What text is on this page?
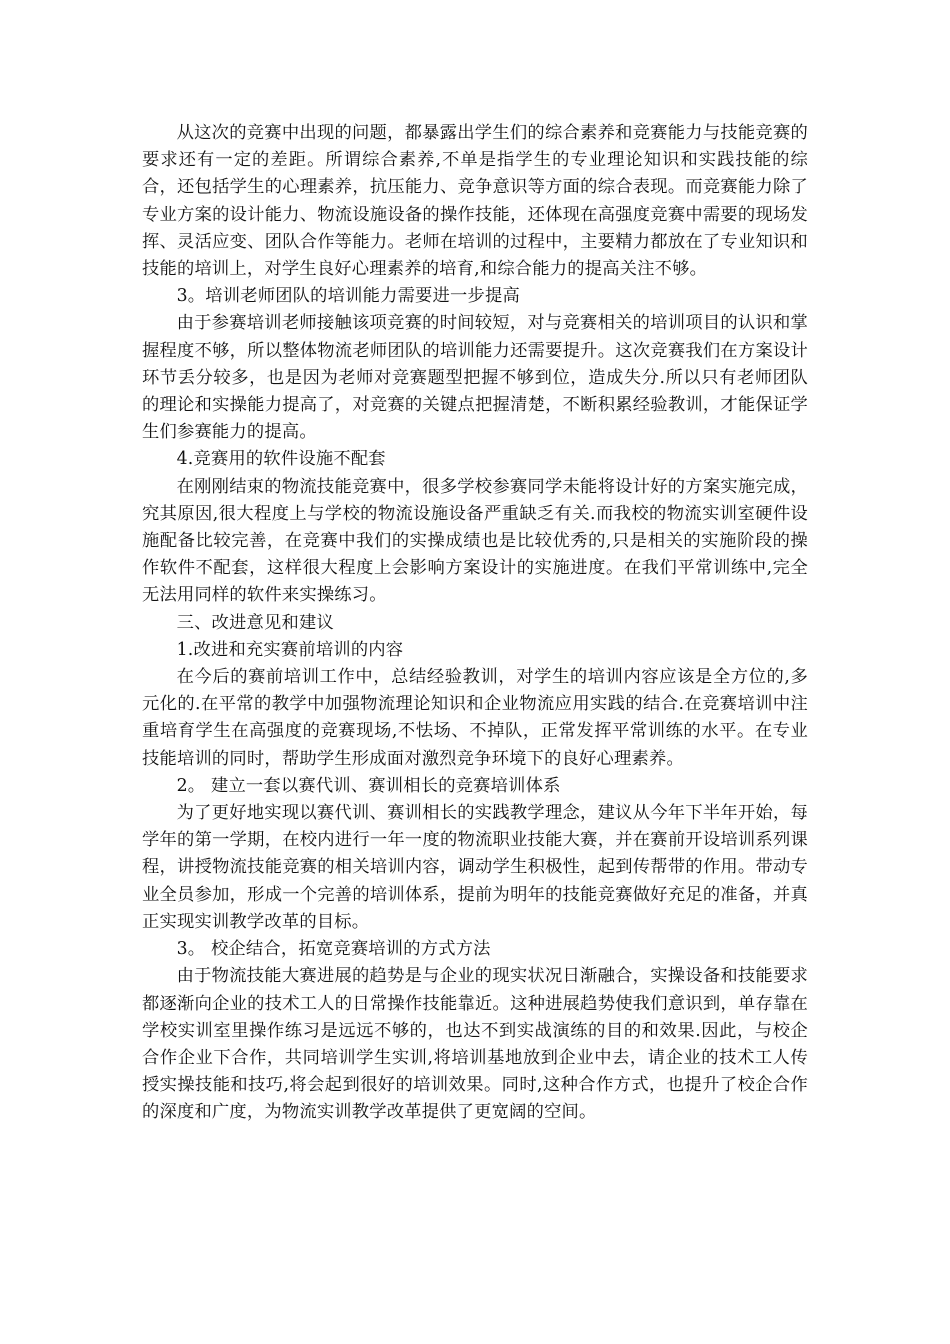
从这次的竞赛中出现的问题，都暴露出学生们的综合素养和竞赛能力与技能竞赛的要求还有一定的差距。所谓综合素养,不单是指学生的专业理论知识和实践技能的综合，还包括学生的心理素养，抗压能力、竞争意识等方面的综合表现。而竞赛能力除了专业方案的设计能力、物流设施设备的操作技能，还体现在高强度竞赛中需要的现场发挥、灵活应变、团队合作等能力。老师在培训的过程中，主要精力都放在了专业知识和技能的培训上，对学生良好心理素养的培育,和综合能力的提高关注不够。

3。培训老师团队的培训能力需要进一步提高

由于参赛培训老师接触该项竞赛的时间较短，对与竞赛相关的培训项目的认识和掌握程度不够，所以整体物流老师团队的培训能力还需要提升。这次竞赛我们在方案设计环节丢分较多，也是因为老师对竞赛题型把握不够到位，造成失分.所以只有老师团队的理论和实操能力提高了，对竞赛的关键点把握清楚，不断积累经验教训，才能保证学生们参赛能力的提高。

4.竞赛用的软件设施不配套

在刚刚结束的物流技能竞赛中，很多学校参赛同学未能将设计好的方案实施完成，究其原因,很大程度上与学校的物流设施设备严重缺乏有关.而我校的物流实训室硬件设施配备比较完善，在竞赛中我们的实操成绩也是比较优秀的,只是相关的实施阶段的操作软件不配套，这样很大程度上会影响方案设计的实施进度。在我们平常训练中,完全无法用同样的软件来实操练习。

三、改进意见和建议

1.改进和充实赛前培训的内容

在今后的赛前培训工作中，总结经验教训，对学生的培训内容应该是全方位的,多元化的.在平常的教学中加强物流理论知识和企业物流应用实践的结合.在竞赛培训中注重培育学生在高强度的竞赛现场,不怯场、不掉队，正常发挥平常训练的水平。在专业技能培训的同时，帮助学生形成面对激烈竞争环境下的良好心理素养。

2。 建立一套以赛代训、赛训相长的竞赛培训体系

为了更好地实现以赛代训、赛训相长的实践教学理念，建议从今年下半年开始，每学年的第一学期，在校内进行一年一度的物流职业技能大赛，并在赛前开设培训系列课程，讲授物流技能竞赛的相关培训内容，调动学生积极性，起到传帮带的作用。带动专业全员参加，形成一个完善的培训体系，提前为明年的技能竞赛做好充足的准备，并真正实现实训教学改革的目标。

3。 校企结合，拓宽竞赛培训的方式方法

由于物流技能大赛进展的趋势是与企业的现实状况日渐融合，实操设备和技能要求都逐渐向企业的技术工人的日常操作技能靠近。这种进展趋势使我们意识到，单存靠在学校实训室里操作练习是远远不够的，也达不到实战演练的目的和效果.因此，与校企合作企业下合作，共同培训学生实训,将培训基地放到企业中去，请企业的技术工人传授实操技能和技巧,将会起到很好的培训效果。同时,这种合作方式，也提升了校企合作的深度和广度，为物流实训教学改革提供了更宽阔的空间。
